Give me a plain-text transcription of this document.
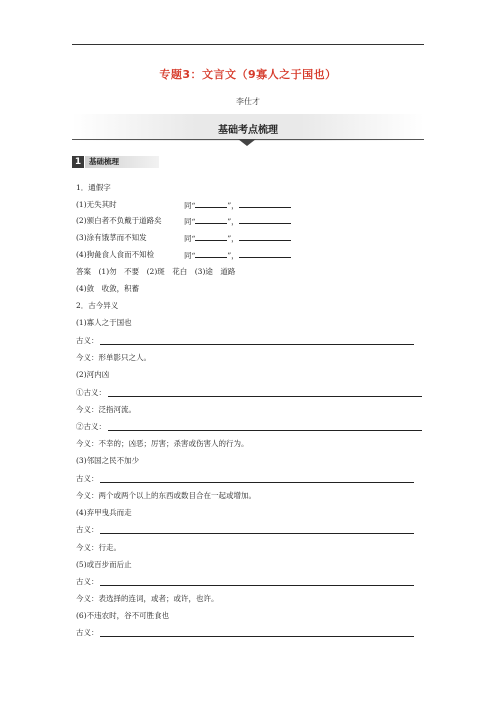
专题3：文言文（9寡人之于国也）
李仕才
基础考点梳理
1	基础梳理
1．通假字
(1)无失其时	同“	”，
(2)颁白者不负戴于道路矣	同“	”，
(3)涂有饿莩而不知发	同“	”，
(4)狗彘食人食而不知检	同“	”，
答案　(1)勿　不要　(2)斑　花白　(3)途　道路
(4)敛　收敛，积蓄
2．古今异义
(1)寡人之于国也
古义：
今义：形单影只之人。
(2)河内凶
①古义：
今义：泛指河流。
②古义：
今义：不幸的；凶恶；厉害；杀害或伤害人的行为。
(3)邻国之民不加少
古义：
今义：两个或两个以上的东西或数目合在一起或增加。
(4)弃甲曳兵而走
古义：
今义：行走。
(5)或百步而后止
古义：
今义：表选择的连词，或者；或许，也许。
(6)不违农时，谷不可胜食也
古义：
